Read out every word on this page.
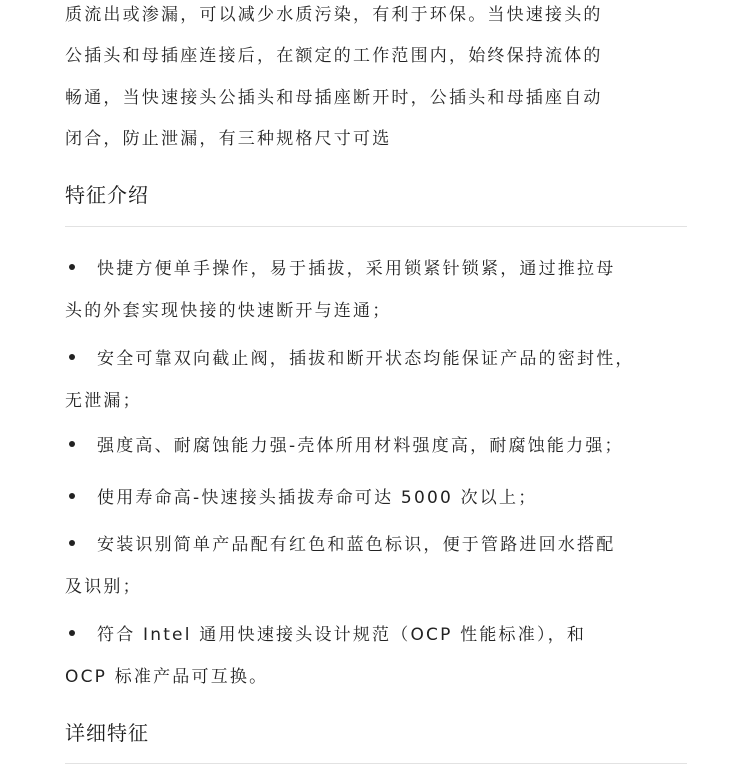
质流出或渗漏，可以减少水质污染，有利于环保。当快速接头的
公插头和母插座连接后，在额定的工作范围内，始终保持流体的
畅通，当快速接头公插头和母插座断开时，公插头和母插座自动
闭合，防止泄漏，有三种规格尺寸可选
特征介绍
快捷方便单手操作，易于插拔，采用锁紧针锁紧，通过推拉母
头的外套实现快接的快速断开与连通；
安全可靠双向截止阀，插拔和断开状态均能保证产品的密封性，
无泄漏；
强度高、耐腐蚀能力强-壳体所用材料强度高，耐腐蚀能力强；
使用寿命高-快速接头插拔寿命可达 5000 次以上；
安装识别简单产品配有红色和蓝色标识，便于管路进回水搭配
及识别；
符合 Intel 通用快速接头设计规范（OCP 性能标准），和
OCP 标准产品可互换。
详细特征
